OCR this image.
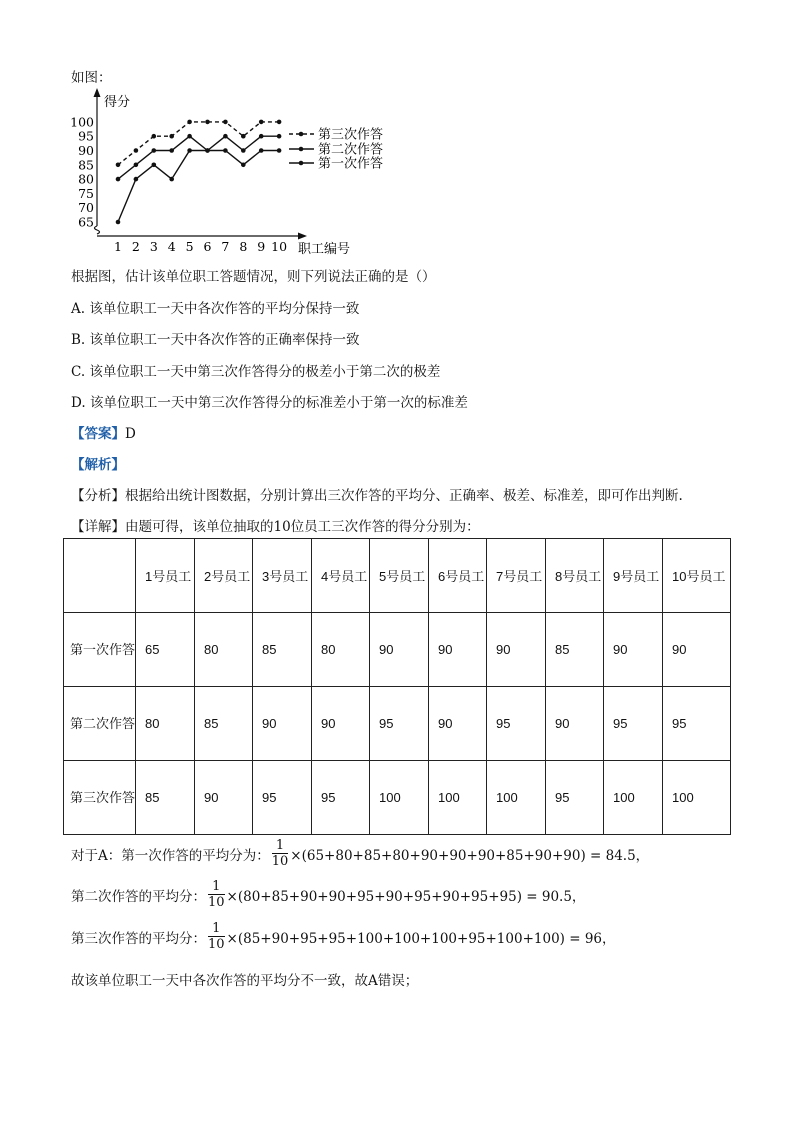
如图：
得分
职工编号
65
70
75
80
85
90
95
100
1 2 3 4 5 6 7 8 9 10
第三次作答
第二次作答
第一次作答
根据图，估计该单位职工答题情况，则下列说法正确的是（）
A. 该单位职工一天中各次作答的平均分保持一致
B. 该单位职工一天中各次作答的正确率保持一致
C. 该单位职工一天中第三次作答得分的极差小于第二次的极差
D. 该单位职工一天中第三次作答得分的标准差小于第一次的标准差
【答案】D
【解析】
【分析】根据给出统计图数据，分别计算出三次作答的平均分、正确率、极差、标准差，即可作出判断.
【详解】由题可得，该单位抽取的10位员工三次作答的得分分别为：
	1号员工	2号员工	3号员工	4号员工	5号员工	6号员工	7号员工	8号员工	9号员工	10号员工
第一次作答	65	80	85	80	90	90	90	85	90	90
第二次作答	80	85	90	90	95	90	95	90	95	95
第三次作答	85	90	95	95	100	100	100	95	100	100
对于A：第一次作答的平均分为： $\frac{1}{10} \times(65+80+85+80+90+90+90+85+90+90) = 84.5$，
第二次作答的平均分： $\frac{1}{10} \times(80+85+90+90+95+90+95+90+95+95) = 90.5$，
第三次作答的平均分： $\frac{1}{10} \times(85+90+95+95+100+100+100+95+100+100) = 96$，
故该单位职工一天中各次作答的平均分不一致，故A错误；
